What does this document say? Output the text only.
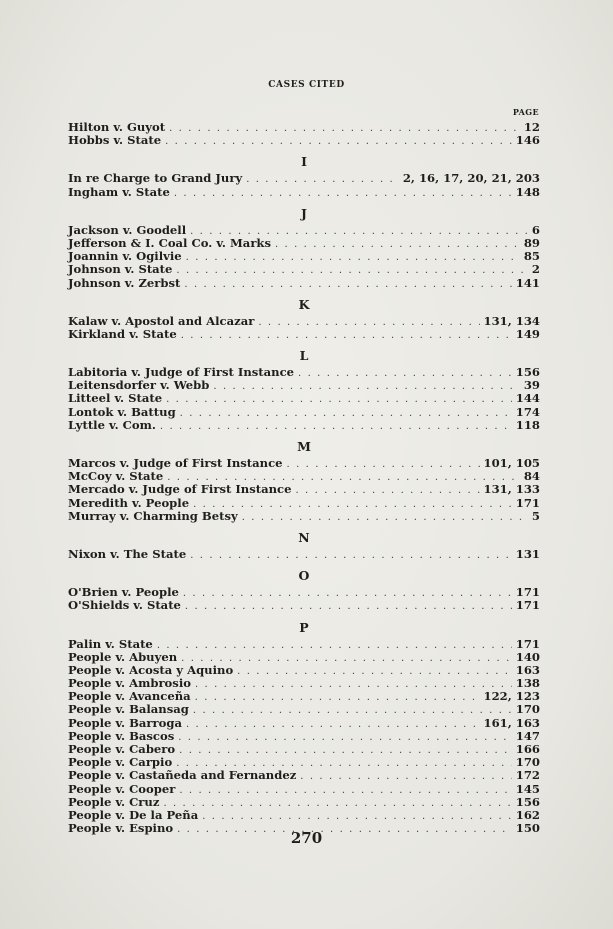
CASES CITED
PAGE
Hilton v. Guyot . . .	12
Hobbs v. State . . .	146
I
In re Charge to Grand Jury . . .	2, 16, 17, 20, 21, 203
Ingham v. State . . .	148
J
Jackson v. Goodell . . .	6
Jefferson & I. Coal Co. v. Marks . . .	89
Joannin v. Ogilvie . . .	85
Johnson v. State . . .	2
Johnson v. Zerbst . . .	141
K
Kalaw v. Apostol and Alcazar . . .	131, 134
Kirkland v. State . . .	149
L
Labitoria v. Judge of First Instance . . .	156
Leitensdorfer v. Webb . . .	39
Litteel v. State . . .	144
Lontok v. Battug . . .	174
Lyttle v. Com. . . .	118
M
Marcos v. Judge of First Instance . . .	101, 105
McCoy v. State . . .	84
Mercado v. Judge of First Instance . . .	131, 133
Meredith v. People . . .	171
Murray v. Charming Betsy . . .	5
N
Nixon v. The State . . .	131
O
O'Brien v. People . . .	171
O'Shields v. State . . .	171
P
Palin v. State . . .	171
People v. Abuyen . . .	140
People v. Acosta y Aquino . . .	163
People v. Ambrosio . . .	138
People v. Avanceña . . .	122, 123
People v. Balansag . . .	170
People v. Barroga . . .	161, 163
People v. Bascos . . .	147
People v. Cabero . . .	166
People v. Carpio . . .	170
People v. Castañeda and Fernandez . . .	172
People v. Cooper . . .	145
People v. Cruz . . .	156
People v. De la Peña . . .	162
People v. Espino . . .	150
270
